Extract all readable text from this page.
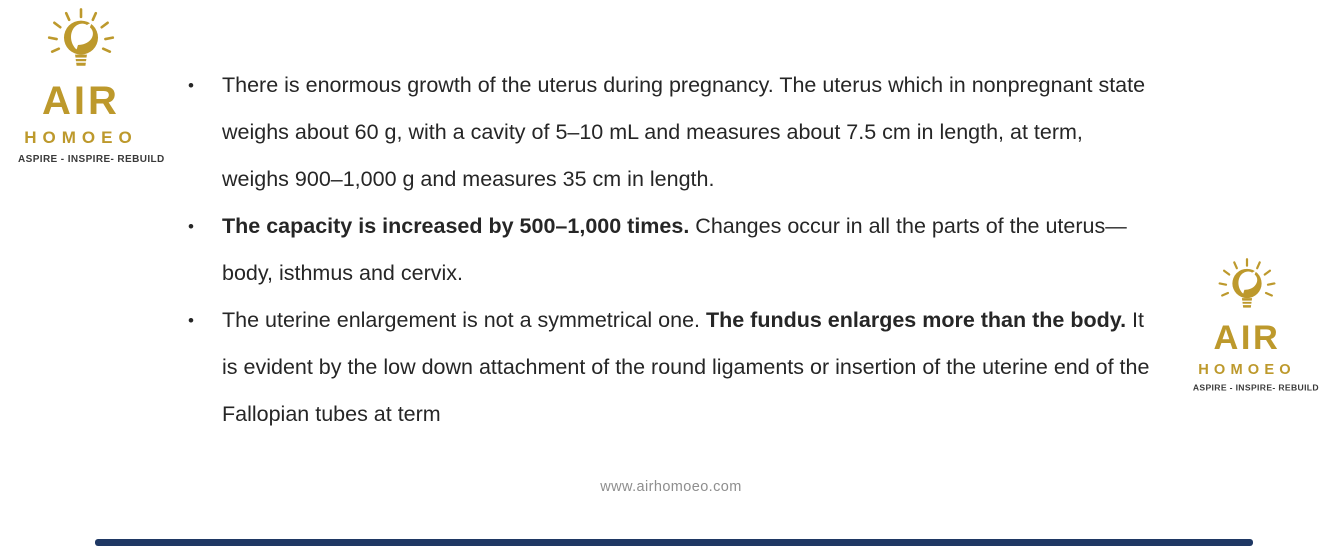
AIR
HOMOEO
ASPIRE - INSPIRE- REBUILD
•	There is enormous growth of the uterus during pregnancy. The uterus which in nonpregnant state weighs about 60 g, with a cavity of 5–10 mL and measures about 7.5 cm in length, at term, weighs 900–1,000 g and measures 35 cm in length.
•	The capacity is increased by 500–1,000 times. Changes occur in all the parts of the uterus—body, isthmus and cervix.
•	The uterine enlargement is not a symmetrical one. The fundus enlarges more than the body. It is evident by the low down attachment of the round ligaments or insertion of the uterine end of the Fallopian tubes at term
AIR
HOMOEO
ASPIRE - INSPIRE- REBUILD
www.airhomoeo.com
